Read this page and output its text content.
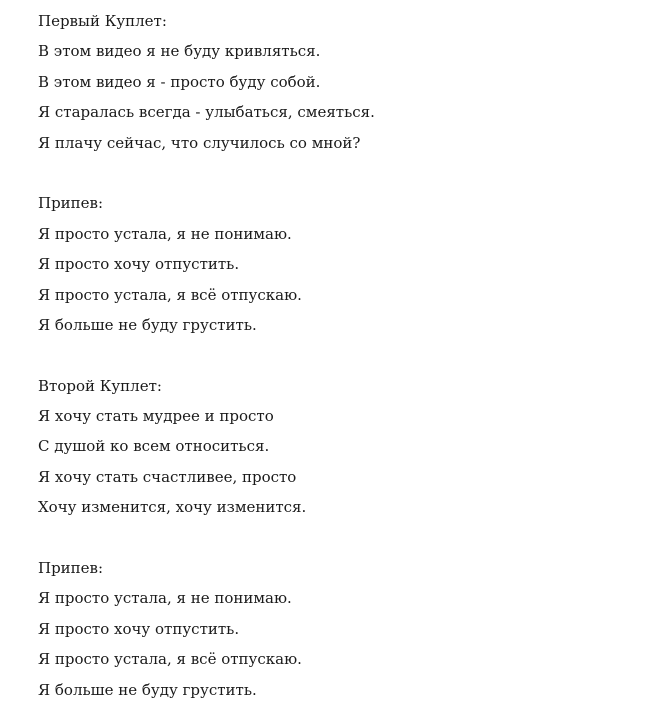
Первый Куплет:
В этом видео я не буду кривляться.
В этом видео я - просто буду собой.
Я старалась всегда - улыбаться, смеяться.
Я плачу сейчас, что случилось со мной?
Припев:
Я просто устала, я не понимаю.
Я просто хочу отпустить.
Я просто устала, я всё отпускаю.
Я больше не буду грустить.
Второй Куплет:
Я хочу стать мудрее и просто
С душой ко всем относиться.
Я хочу стать счастливее, просто
Хочу изменится, хочу изменится.
Припев:
Я просто устала, я не понимаю.
Я просто хочу отпустить.
Я просто устала, я всё отпускаю.
Я больше не буду грустить.
